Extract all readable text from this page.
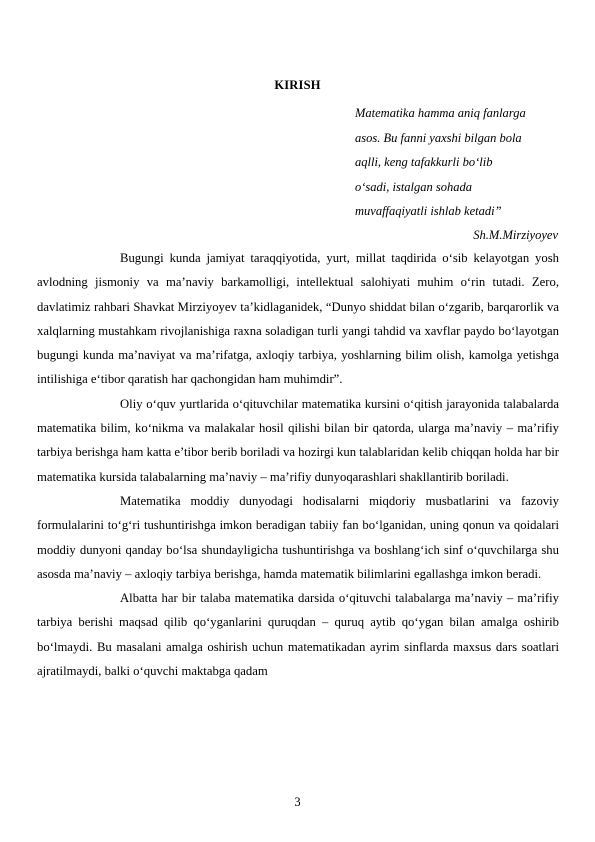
KIRISH
Matematika hamma aniq fanlarga
asos. Bu fanni yaxshi bilgan bola
aqlli, keng tafakkurli bo‘lib
o‘sadi, istalgan sohada
muvaffaqiyatli ishlab ketadi”
Sh.M.Mirziyoyev

Bugungi kunda jamiyat taraqqiyotida, yurt, millat taqdirida o‘sib kelayotgan yosh avlodning jismoniy va ma’naviy barkamolligi, intellektual salohiyati muhim o‘rin tutadi. Zero, davlatimiz rahbari Shavkat Mirziyoyev ta’kidlaganidek, “Dunyo shiddat bilan o‘zgarib, barqarorlik va xalqlarning mustahkam rivojlanishiga raxna soladigan turli yangi tahdid va xavflar paydo bo‘layotgan bugungi kunda ma’naviyat va ma’rifatga, axloqiy tarbiya, yoshlarning bilim olish, kamolga yetishga intilishiga e‘tibor qaratish har qachongidan ham muhimdir”.

Oliy o‘quv yurtlarida o‘qituvchilar matematika kursini o‘qitish jarayonida talabalarda matematika bilim, ko‘nikma va malakalar hosil qilishi bilan bir qatorda, ularga ma’naviy – ma’rifiy tarbiya berishga ham katta e’tibor berib boriladi va hozirgi kun talablaridan kelib chiqqan holda har bir matematika kursida talabalarning ma’naviy – ma’rifiy dunyoqarashlari shakllantirib boriladi.

Matematika moddiy dunyodagi hodisalarni miqdoriy musbatlarini va fazoviy formulalarini to‘g‘ri tushuntirishga imkon beradigan tabiiy fan bo‘lganidan, uning qonun va qoidalari moddiy dunyoni qanday bo‘lsa shundayligicha tushuntirishga va boshlang‘ich sinf o‘quvchilarga shu asosda ma’naviy – axloqiy tarbiya berishga, hamda matematik bilimlarini egallashga imkon beradi.

Albatta har bir talaba matematika darsida o‘qituvchi talabalarga ma’naviy – ma’rifiy tarbiya berishi maqsad qilib qo‘yganlarini quruqdan – quruq aytib qo‘ygan bilan amalga oshirib bo‘lmaydi. Bu masalani amalga oshirish uchun matematikadan ayrim sinflarda maxsus dars soatlari ajratilmaydi, balki o‘quvchi maktabga qadam

3
